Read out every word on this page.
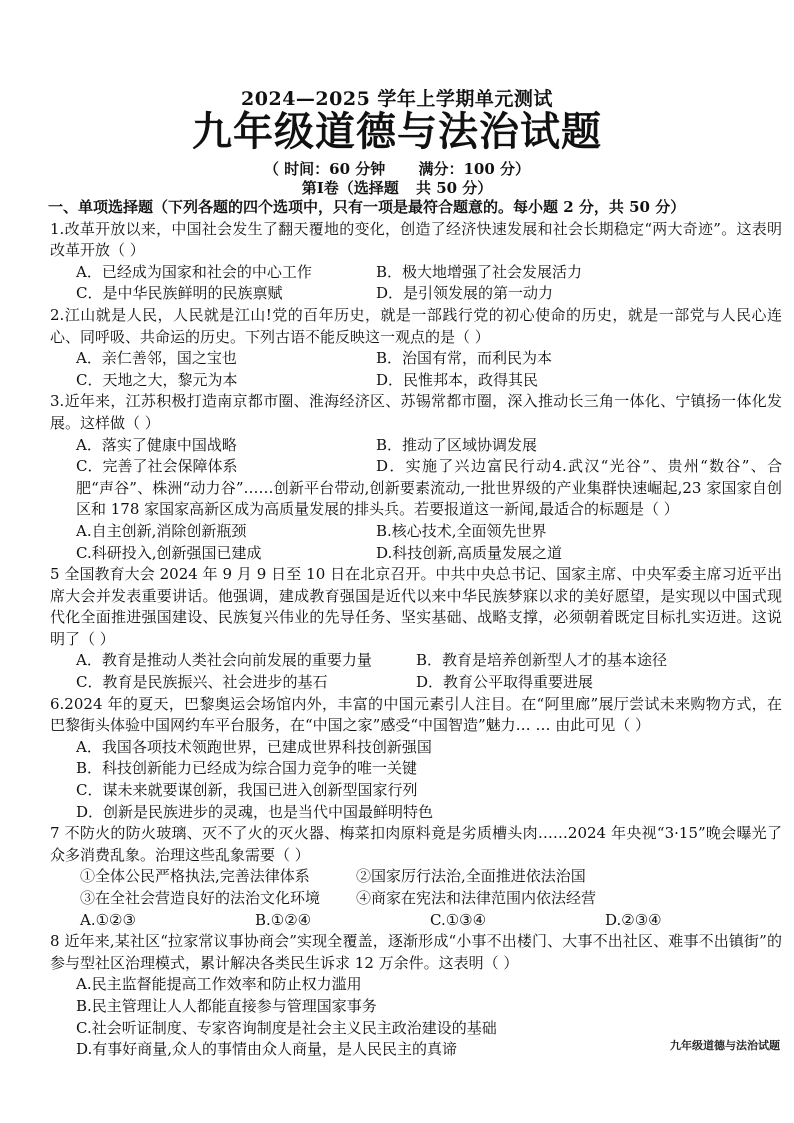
2024—2025 学年上学期单元测试
九年级道德与法治试题
（ 时间：60 分钟 满分：100 分）
第Ⅰ卷（选择题 共 50 分）
一、单项选择题（下列各题的四个选项中，只有一项是最符合题意的。每小题 2 分，共 50 分）
1.改革开放以来，中国社会发生了翻天覆地的变化，创造了经济快速发展和社会长期稳定“两大奇迹”。这表明改革开放（ ）
A．已经成为国家和社会的中心工作	B．极大地增强了社会发展活力
C．是中华民族鲜明的民族禀赋	D．是引领发展的第一动力
2.江山就是人民，人民就是江山!党的百年历史，就是一部践行党的初心使命的历史，就是一部党与人民心连心、同呼吸、共命运的历史。下列古语不能反映这一观点的是（ ）
A．亲仁善邻，国之宝也	B．治国有常，而利民为本
C．天地之大，黎元为本	D．民惟邦本，政得其民
3.近年来，江苏积极打造南京都市圈、淮海经济区、苏锡常都市圈，深入推动长三角一体化、宁镇扬一体化发展。这样做（ ）
A．落实了健康中国战略	B．推动了区域协调发展
C．完善了社会保障体系	D．实施了兴边富民行动4.武汉“光谷”、贵州“数谷”、合肥“声谷”、株洲“动力谷”……创新平台带动,创新要素流动,一批世界级的产业集群快速崛起,23 家国家自创区和 178 家国家高新区成为高质量发展的排头兵。若要报道这一新闻,最适合的标题是（ ）
A.自主创新,消除创新瓶颈	B.核心技术,全面领先世界
C.科研投入,创新强国已建成	D.科技创新,高质量发展之道
5 全国教育大会 2024 年 9 月 9 日至 10 日在北京召开。中共中央总书记、国家主席、中央军委主席习近平出席大会并发表重要讲话。他强调，建成教育强国是近代以来中华民族梦寐以求的美好愿望，是实现以中国式现代化全面推进强国建设、民族复兴伟业的先导任务、坚实基础、战略支撑，必须朝着既定目标扎实迈进。这说明了（ ）
A．教育是推动人类社会向前发展的重要力量	B．教育是培养创新型人才的基本途径
C．教育是民族振兴、社会进步的基石	D．教育公平取得重要进展
6.2024 年的夏天，巴黎奥运会场馆内外，丰富的中国元素引人注目。在“阿里廊”展厅尝试未来购物方式，在巴黎街头体验中国网约车平台服务，在“中国之家”感受“中国智造”魅力… … 由此可见（ ）
A．我国各项技术领跑世界，已建成世界科技创新强国
B．科技创新能力已经成为综合国力竞争的唯一关键
C．谋未来就要谋创新，我国已进入创新型国家行列
D．创新是民族进步的灵魂，也是当代中国最鲜明特色
7 不防火的防火玻璃、灭不了火的灭火器、梅菜扣肉原料竟是劣质槽头肉……2024 年央视“3·15”晚会曝光了众多消费乱象。治理这些乱象需要（ ）
①全体公民严格执法,完善法律体系	②国家厉行法治,全面推进依法治国
③在全社会营造良好的法治文化环境	④商家在宪法和法律范围内依法经营
A.①②③	B.①②④	C.①③④	D.②③④
8 近年来,某社区“拉家常议事协商会”实现全覆盖，逐渐形成“小事不出楼门、大事不出社区、难事不出镇街”的参与型社区治理模式，累计解决各类民生诉求 12 万余件。这表明（ ）
A.民主监督能提高工作效率和防止权力滥用
B.民主管理让人人都能直接参与管理国家事务
C.社会听证制度、专家咨询制度是社会主义民主政治建设的基础
D.有事好商量,众人的事情由众人商量，是人民民主的真谛	九年级道德与法治试题
